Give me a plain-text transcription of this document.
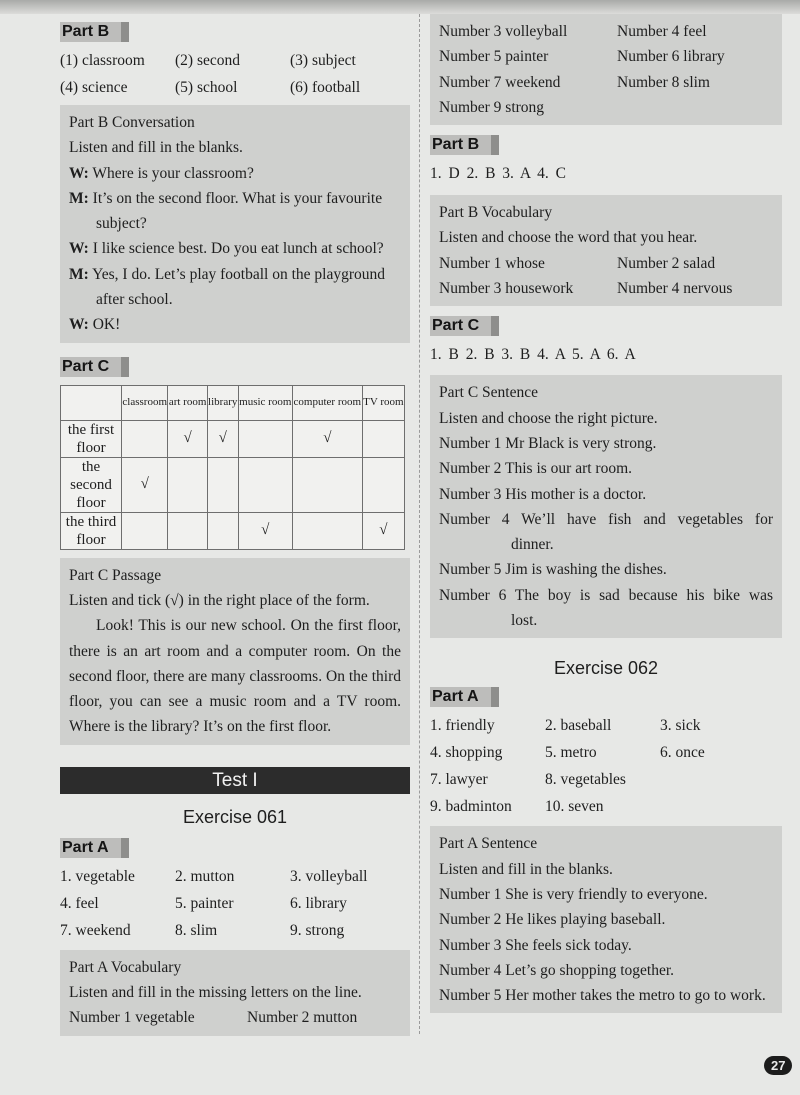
Part B
(1) classroom	(2) second	(3) subject
(4) science	(5) school	(6) football

Part B Conversation

Listen and fill in the blanks.

W: Where is your classroom?

M: It’s on the second floor. What is your favourite

subject?

W: I like science best. Do you eat lunch at school?

M: Yes, I do. Let’s play football on the playground

after school.

W: OK!

Part C
	classroom	art room	library	music room	computer room	TV room
the first floor		√	√		√	
the second floor	√					
the third floor				√		√

Part C Passage

Listen and tick (√) in the right place of the form.

Look! This is our new school. On the first floor, there is an art room and a computer room. On the second floor, there are many classrooms. On the third floor, you can see a music room and a TV room. Where is the library? It’s on the first floor.

Test I
Exercise 061
Part A
1. vegetable	2. mutton	3. volleyball
4. feel	5. painter	6. library
7. weekend	8. slim	9. strong

Part A Vocabulary

Listen and fill in the missing letters on the line.

Number 1 vegetable	Number 2 mutton
Number 3 volleyball	Number 4 feel
Number 5 painter	Number 6 library
Number 7 weekend	Number 8 slim
Number 9 strong
Part B
1. D 2. B 3. A 4. C

Part B Vocabulary

Listen and choose the word that you hear.

Number 1 whose	Number 2 salad
Number 3 housework	Number 4 nervous
Part C
1. B 2. B 3. B 4. A 5. A 6. A

Part C Sentence

Listen and choose the right picture.

Number 1 Mr Black is very strong.

Number 2 This is our art room.

Number 3 His mother is a doctor.

Number 4 We’ll have fish and vegetables for

dinner.

Number 5 Jim is washing the dishes.

Number 6 The boy is sad because his bike was

lost.

Exercise 062
Part A
1. friendly	2. baseball	3. sick
4. shopping	5. metro	6. once
7. lawyer	8. vegetables
9. badminton	10. seven

Part A Sentence

Listen and fill in the blanks.

Number 1 She is very friendly to everyone.

Number 2 He likes playing baseball.

Number 3 She feels sick today.

Number 4 Let’s go shopping together.

Number 5 Her mother takes the metro to go to work.

27
